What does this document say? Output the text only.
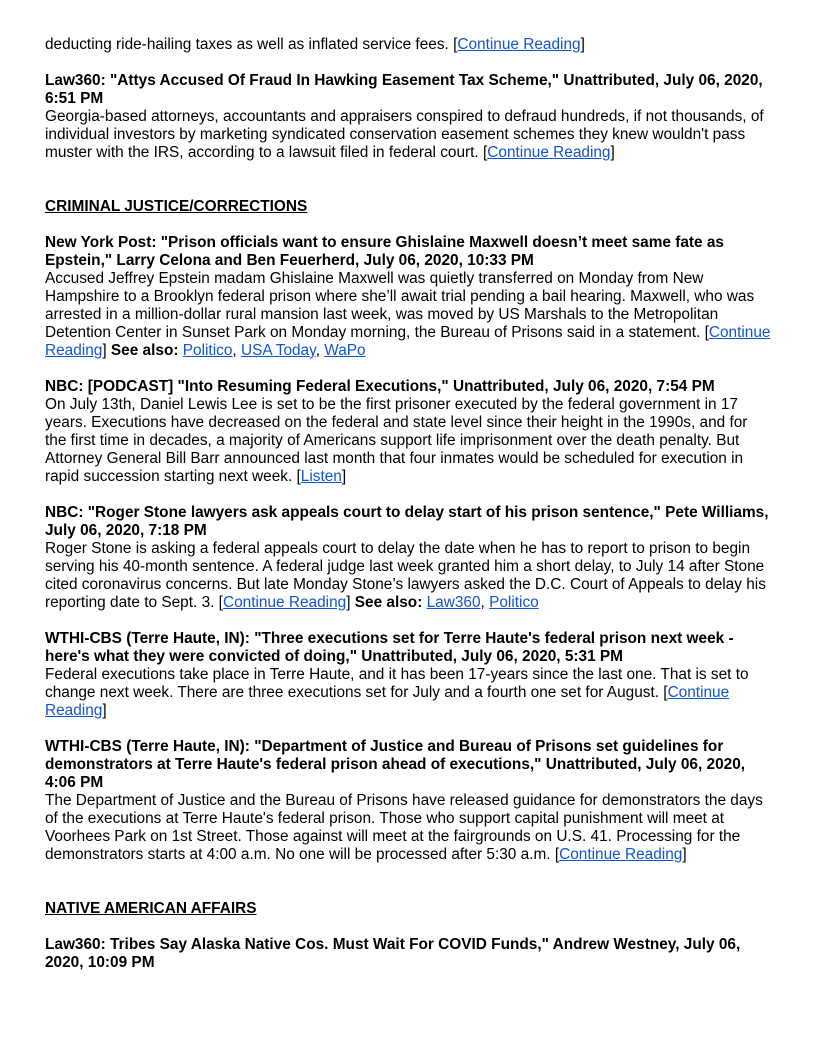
deducting ride-hailing taxes as well as inflated service fees. [Continue Reading]

Law360: "Attys Accused Of Fraud In Hawking Easement Tax Scheme," Unattributed, July 06, 2020, 6:51 PM
Georgia-based attorneys, accountants and appraisers conspired to defraud hundreds, if not thousands, of individual investors by marketing syndicated conservation easement schemes they knew wouldn't pass muster with the IRS, according to a lawsuit filed in federal court. [Continue Reading]
CRIMINAL JUSTICE/CORRECTIONS
New York Post: "Prison officials want to ensure Ghislaine Maxwell doesn’t meet same fate as Epstein," Larry Celona and Ben Feuerherd, July 06, 2020, 10:33 PM
Accused Jeffrey Epstein madam Ghislaine Maxwell was quietly transferred on Monday from New Hampshire to a Brooklyn federal prison where she’ll await trial pending a bail hearing. Maxwell, who was arrested in a million-dollar rural mansion last week, was moved by US Marshals to the Metropolitan Detention Center in Sunset Park on Monday morning, the Bureau of Prisons said in a statement. [Continue Reading] See also: Politico, USA Today, WaPo
NBC: [PODCAST] "Into Resuming Federal Executions," Unattributed, July 06, 2020, 7:54 PM
On July 13th, Daniel Lewis Lee is set to be the first prisoner executed by the federal government in 17 years. Executions have decreased on the federal and state level since their height in the 1990s, and for the first time in decades, a majority of Americans support life imprisonment over the death penalty. But Attorney General Bill Barr announced last month that four inmates would be scheduled for execution in rapid succession starting next week. [Listen]
NBC: "Roger Stone lawyers ask appeals court to delay start of his prison sentence," Pete Williams, July 06, 2020, 7:18 PM
Roger Stone is asking a federal appeals court to delay the date when he has to report to prison to begin serving his 40-month sentence. A federal judge last week granted him a short delay, to July 14 after Stone cited coronavirus concerns. But late Monday Stone’s lawyers asked the D.C. Court of Appeals to delay his reporting date to Sept. 3. [Continue Reading] See also: Law360, Politico
WTHI-CBS (Terre Haute, IN): "Three executions set for Terre Haute's federal prison next week - here's what they were convicted of doing," Unattributed, July 06, 2020, 5:31 PM
Federal executions take place in Terre Haute, and it has been 17-years since the last one. That is set to change next week. There are three executions set for July and a fourth one set for August. [Continue Reading]
WTHI-CBS (Terre Haute, IN): "Department of Justice and Bureau of Prisons set guidelines for demonstrators at Terre Haute's federal prison ahead of executions," Unattributed, July 06, 2020, 4:06 PM
The Department of Justice and the Bureau of Prisons have released guidance for demonstrators the days of the executions at Terre Haute's federal prison. Those who support capital punishment will meet at Voorhees Park on 1st Street. Those against will meet at the fairgrounds on U.S. 41. Processing for the demonstrators starts at 4:00 a.m. No one will be processed after 5:30 a.m. [Continue Reading]
NATIVE AMERICAN AFFAIRS
Law360: Tribes Say Alaska Native Cos. Must Wait For COVID Funds," Andrew Westney, July 06, 2020, 10:09 PM
